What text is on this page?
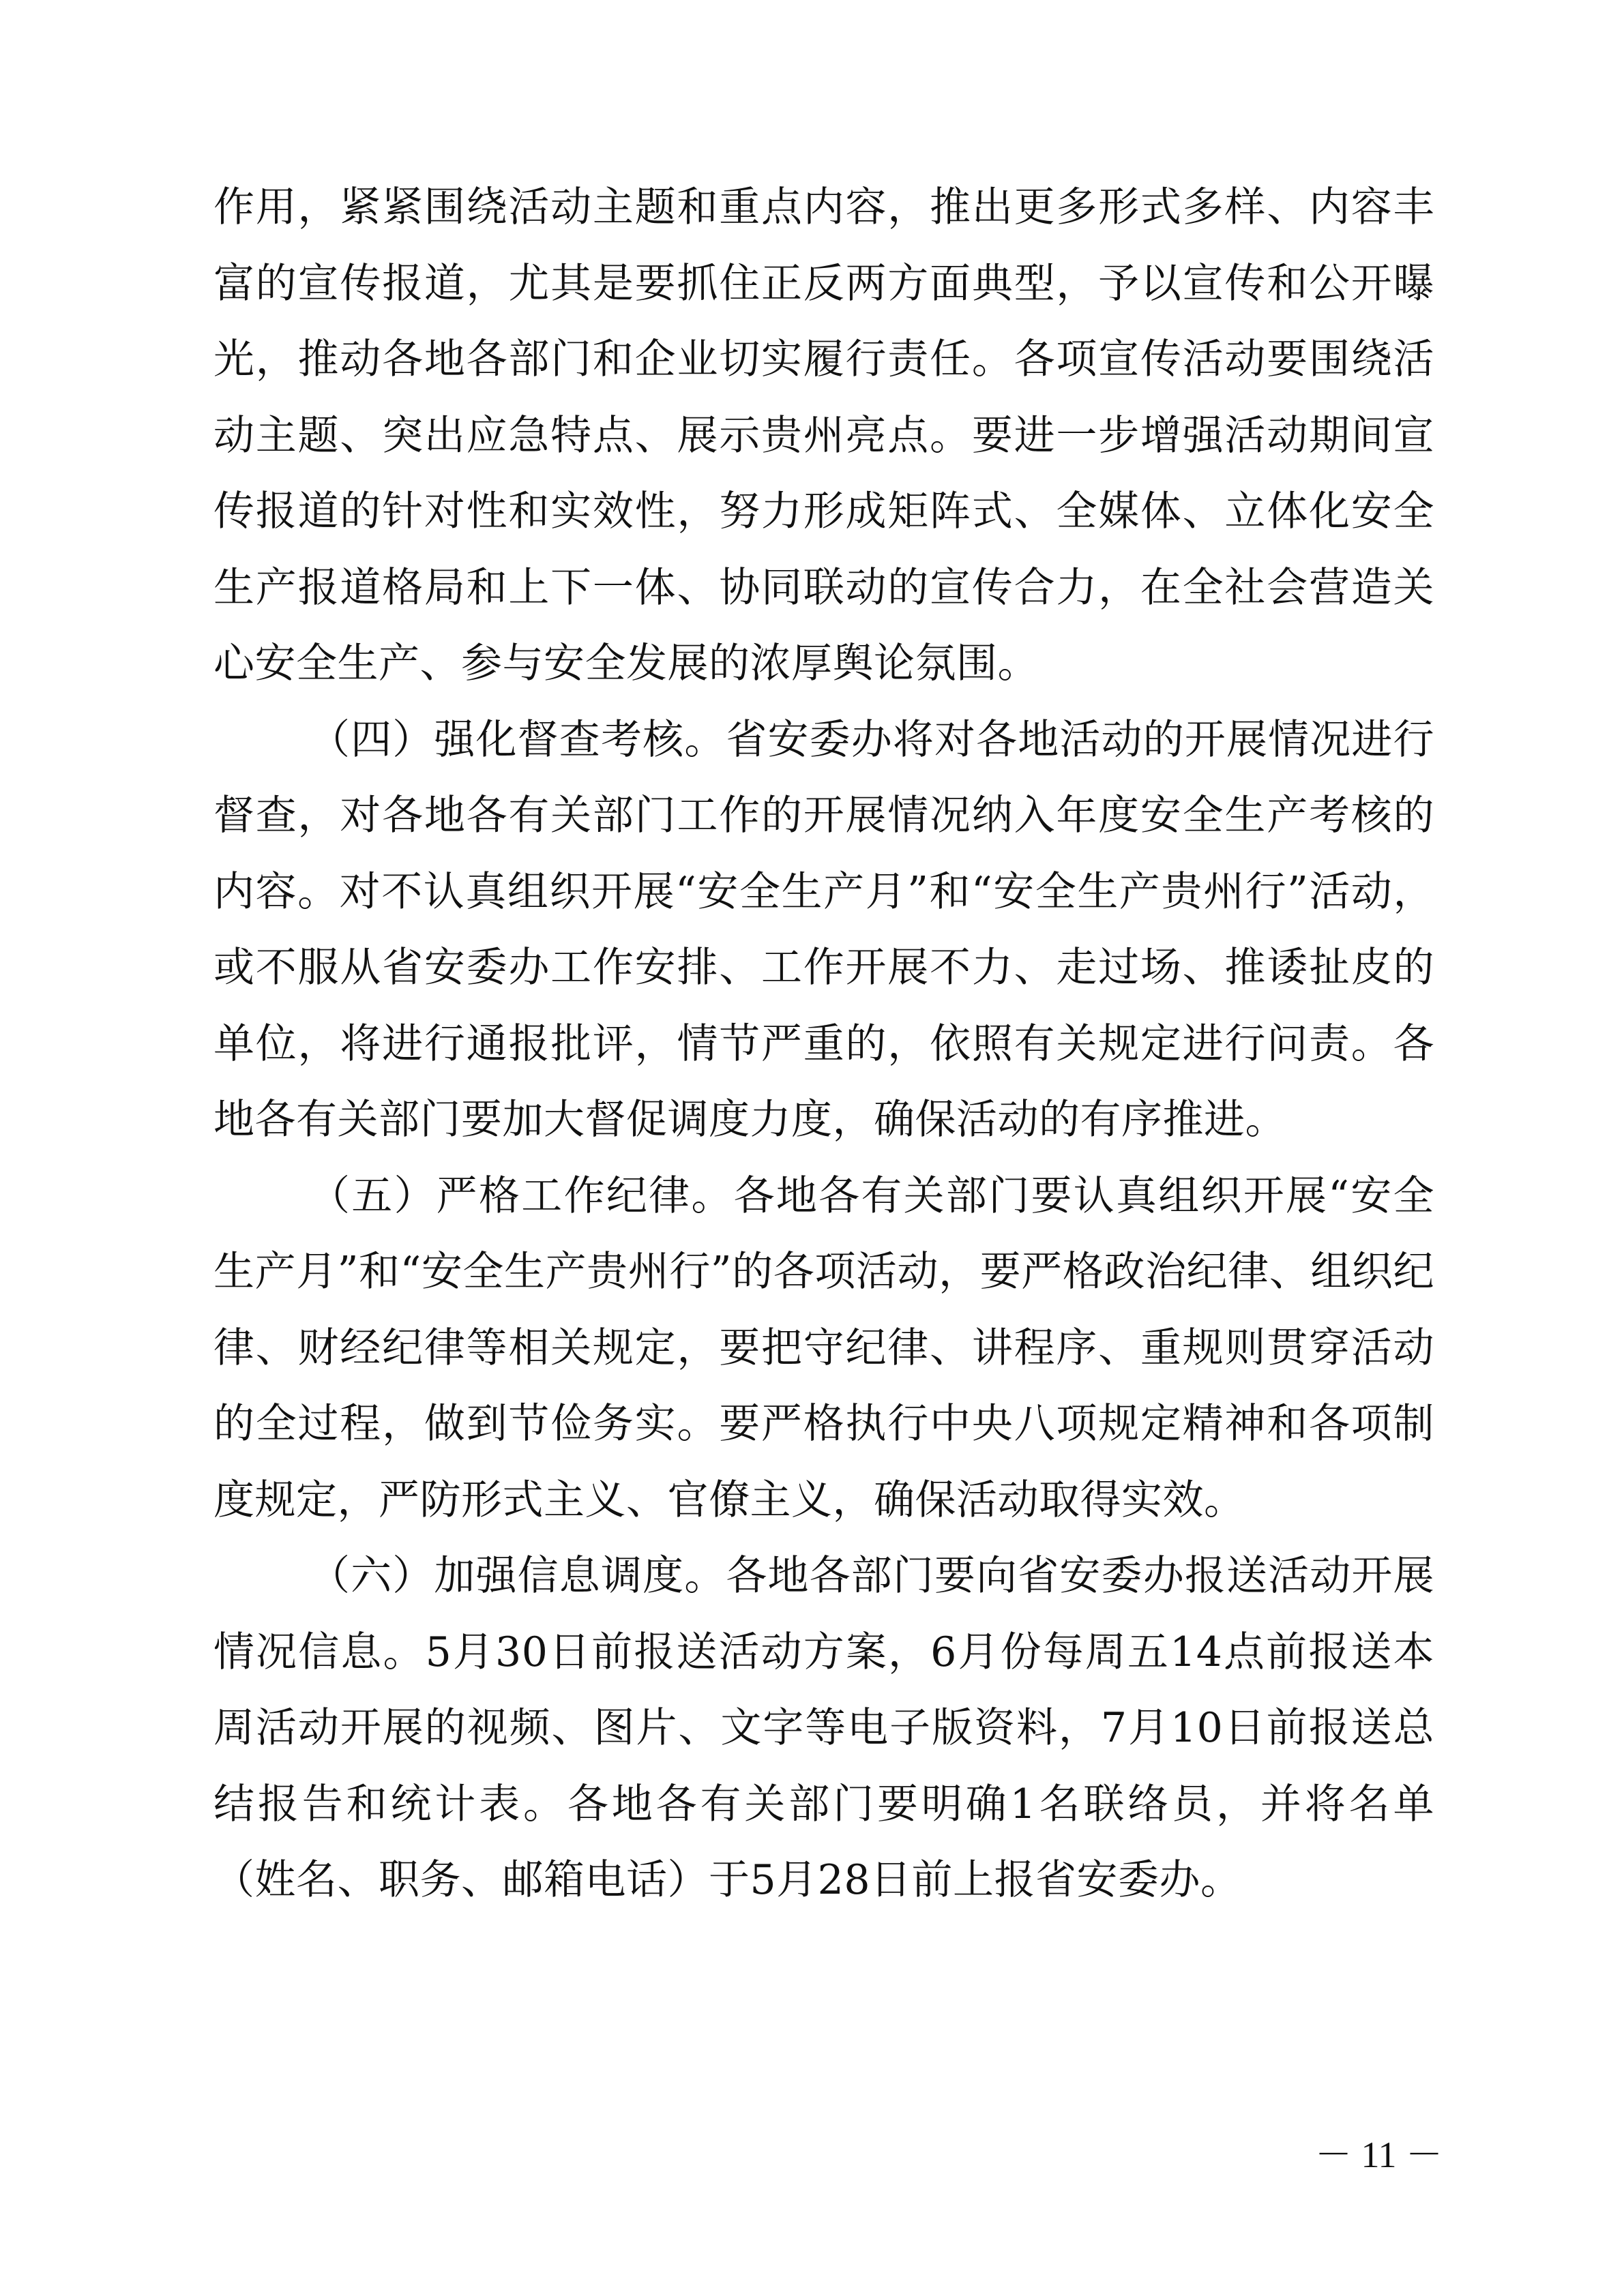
作用，紧紧围绕活动主题和重点内容，推出更多形式多样、内容丰富的宣传报道，尤其是要抓住正反两方面典型，予以宣传和公开曝光，推动各地各部门和企业切实履行责任。各项宣传活动要围绕活动主题、突出应急特点、展示贵州亮点。要进一步增强活动期间宣传报道的针对性和实效性，努力形成矩阵式、全媒体、立体化安全生产报道格局和上下一体、协同联动的宣传合力，在全社会营造关心安全生产、参与安全发展的浓厚舆论氛围。

（四）强化督查考核。省安委办将对各地活动的开展情况进行督查，对各地各有关部门工作的开展情况纳入年度安全生产考核的内容。对不认真组织开展“安全生产月”和“安全生产贵州行”活动，或不服从省安委办工作安排、工作开展不力、走过场、推诿扯皮的单位，将进行通报批评，情节严重的，依照有关规定进行问责。各地各有关部门要加大督促调度力度，确保活动的有序推进。

（五）严格工作纪律。各地各有关部门要认真组织开展“安全生产月”和“安全生产贵州行”的各项活动，要严格政治纪律、组织纪律、财经纪律等相关规定，要把守纪律、讲程序、重规则贯穿活动的全过程，做到节俭务实。要严格执行中央八项规定精神和各项制度规定，严防形式主义、官僚主义，确保活动取得实效。

（六）加强信息调度。各地各部门要向省安委办报送活动开展情况信息。5月30日前报送活动方案，6月份每周五14点前报送本周活动开展的视频、图片、文字等电子版资料，7月10日前报送总结报告和统计表。各地各有关部门要明确1名联络员，并将名单（姓名、职务、邮箱电话）于5月28日前上报省安委办。

－ 11 －
